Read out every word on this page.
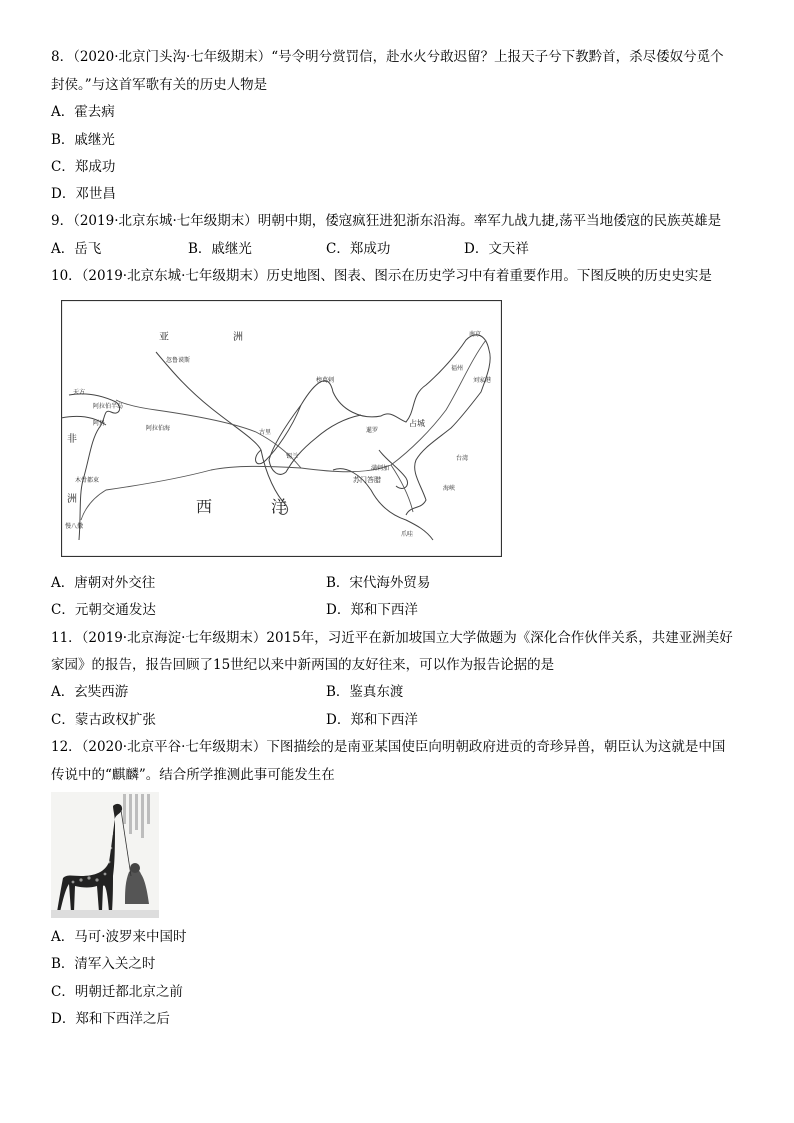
8．（2020·北京门头沟·七年级期末）“号令明兮赏罚信，赴水火兮敢迟留？上报天子兮下教黔首，杀尽倭奴兮觅个
封侯。”与这首军歌有关的历史人物是
A．霍去病
B．戚继光
C．郑成功
D．邓世昌
9．（2019·北京东城·七年级期末）明朝中期，倭寇疯狂进犯浙东沿海。率军九战九捷,荡平当地倭寇的民族英雄是
A．岳飞	B．戚继光	C．郑成功	D．文天祥
10．（2019·北京东城·七年级期末）历史地图、图表、图示在历史学习中有着重要作用。下图反映的历史史实是
亚	洲
忽鲁谟斯
天方
阿拉伯半岛
阿丹
阿拉伯海
古里
榜葛剌
暹罗
占城
锡兰
满剌加
苏门答腊
爪哇
南京
福州
刘家港
非
洲
木骨都束
慢八撒
西	洋
台湾
海峡
A．唐朝对外交往	B．宋代海外贸易
C．元朝交通发达	D．郑和下西洋
11．（2019·北京海淀·七年级期末）2015年，习近平在新加坡国立大学做题为《深化合作伙伴关系，共建亚洲美好
家园》的报告，报告回顾了15世纪以来中新两国的友好往来，可以作为报告论据的是
A．玄奘西游	B．鉴真东渡
C．蒙古政权扩张	D．郑和下西洋
12．（2020·北京平谷·七年级期末）下图描绘的是南亚某国使臣向明朝政府进贡的奇珍异兽，朝臣认为这就是中国
传说中的“麒麟”。结合所学推测此事可能发生在
A．马可·波罗来中国时
B．清军入关之时
C．明朝迁都北京之前
D．郑和下西洋之后
